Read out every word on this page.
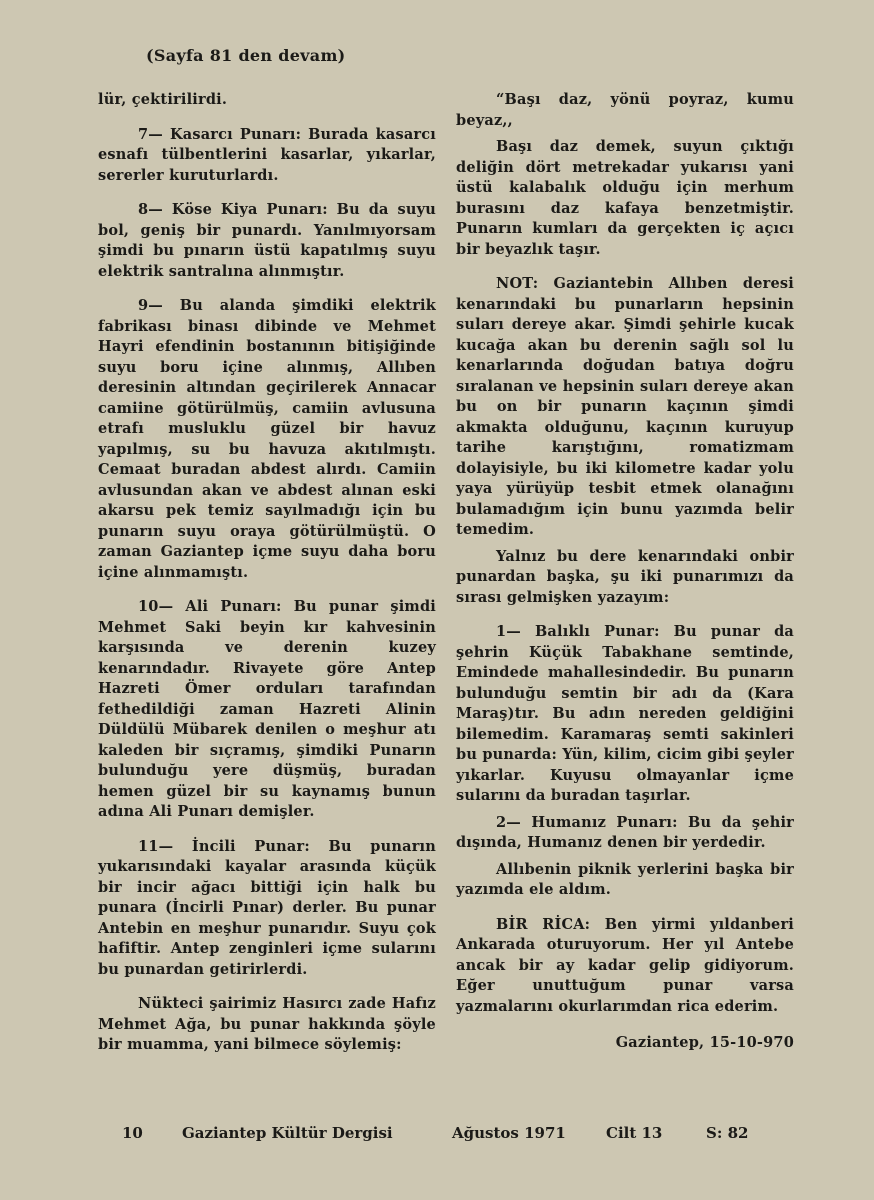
(Sayfa 81 den devam)

lür, çektirilirdi.

7— Kasarcı Punarı: Burada kasarcı esnafı tülbentlerini kasarlar, yıkarlar, sererler kuruturlardı.

8— Köse Kiya Punarı: Bu da suyu bol, geniş bir punardı. Yanılmıyorsam şimdi bu pınarın üstü kapatılmış suyu elektrik santralına alınmıştır.

9— Bu alanda şimdiki elektrik fabrikası binası dibinde ve Mehmet Hayri efendinin bostanının bitişiğinde suyu boru içine alınmış, Allıben deresinin altından geçirilerek Annacar camiine götürülmüş, camiin avlusuna etrafı musluklu güzel bir havuz yapılmış, su bu havuza akıtılmıştı. Cemaat buradan abdest alırdı. Camiin avlusundan akan ve abdest alınan eski akarsu pek temiz sayılmadığı için bu punarın suyu oraya götürülmüştü. O zaman Gaziantep içme suyu daha boru içine alınmamıştı.

10— Ali Punarı: Bu punar şimdi Mehmet Saki beyin kır kahvesinin karşısında ve derenin kuzey kenarındadır. Rivayete göre Antep Hazreti Ömer orduları tarafından fethedildiği zaman Hazreti Alinin Düldülü Mübarek denilen o meşhur atı kaleden bir sıçramış, şimdiki Punarın bulunduğu yere düşmüş, buradan hemen güzel bir su kaynamış bunun adına Ali Punarı demişler.

11— İncili Punar: Bu punarın yukarısındaki kayalar arasında küçük bir incir ağacı bittiği için halk bu punara (İncirli Pınar) derler. Bu punar Antebin en meşhur punarıdır. Suyu çok hafiftir. Antep zenginleri içme sularını bu punardan getirirlerdi.

Nükteci şairimiz Hasırcı zade Hafız Mehmet Ağa, bu punar hakkında şöyle bir muamma, yani bilmece söylemiş:

“Başı daz, yönü poyraz, kumu beyaz,,

Başı daz demek, suyun çıktığı deliğin dört metrekadar yukarısı yani üstü kalabalık olduğu için merhum burasını daz kafaya benzetmiştir. Punarın kumları da gerçekten iç açıcı bir beyazlık taşır.

NOT: Gaziantebin Allıben deresi kenarındaki bu punarların hepsinin suları dereye akar. Şimdi şehirle kucak kucağa akan bu derenin sağlı sol lu kenarlarında doğudan batıya doğru sıralanan ve hepsinin suları dereye akan bu on bir punarın kaçının şimdi akmakta olduğunu, kaçının kuruyup tarihe karıştığını, romatizmam dolayisiyle, bu iki kilometre kadar yolu yaya yürüyüp tesbit etmek olanağını bulamadığım için bunu yazımda belir temedim.

Yalnız bu dere kenarındaki onbir punardan başka, şu iki punarımızı da sırası gelmişken yazayım:

1— Balıklı Punar: Bu punar da şehrin Küçük Tabakhane semtinde, Emindede mahallesindedir. Bu punarın bulunduğu semtin bir adı da (Kara Maraş)tır. Bu adın nereden geldiğini bilemedim. Karamaraş semti sakinleri bu punarda: Yün, kilim, cicim gibi şeyler yıkarlar. Kuyusu olmayanlar içme sularını da buradan taşırlar.

2— Humanız Punarı: Bu da şehir dışında, Humanız denen bir yerdedir.

Allıbenin piknik yerlerini başka bir yazımda ele aldım.

BİR RİCA: Ben yirmi yıldanberi Ankarada oturuyorum. Her yıl Antebe ancak bir ay kadar gelip gidiyorum. Eğer unuttuğum punar varsa yazmalarını okurlarımdan rica ederim.

Gaziantep, 15-10-970

10	Gaziantep Kültür Dergisi	Ağustos 1971	Cilt 13	S: 82
